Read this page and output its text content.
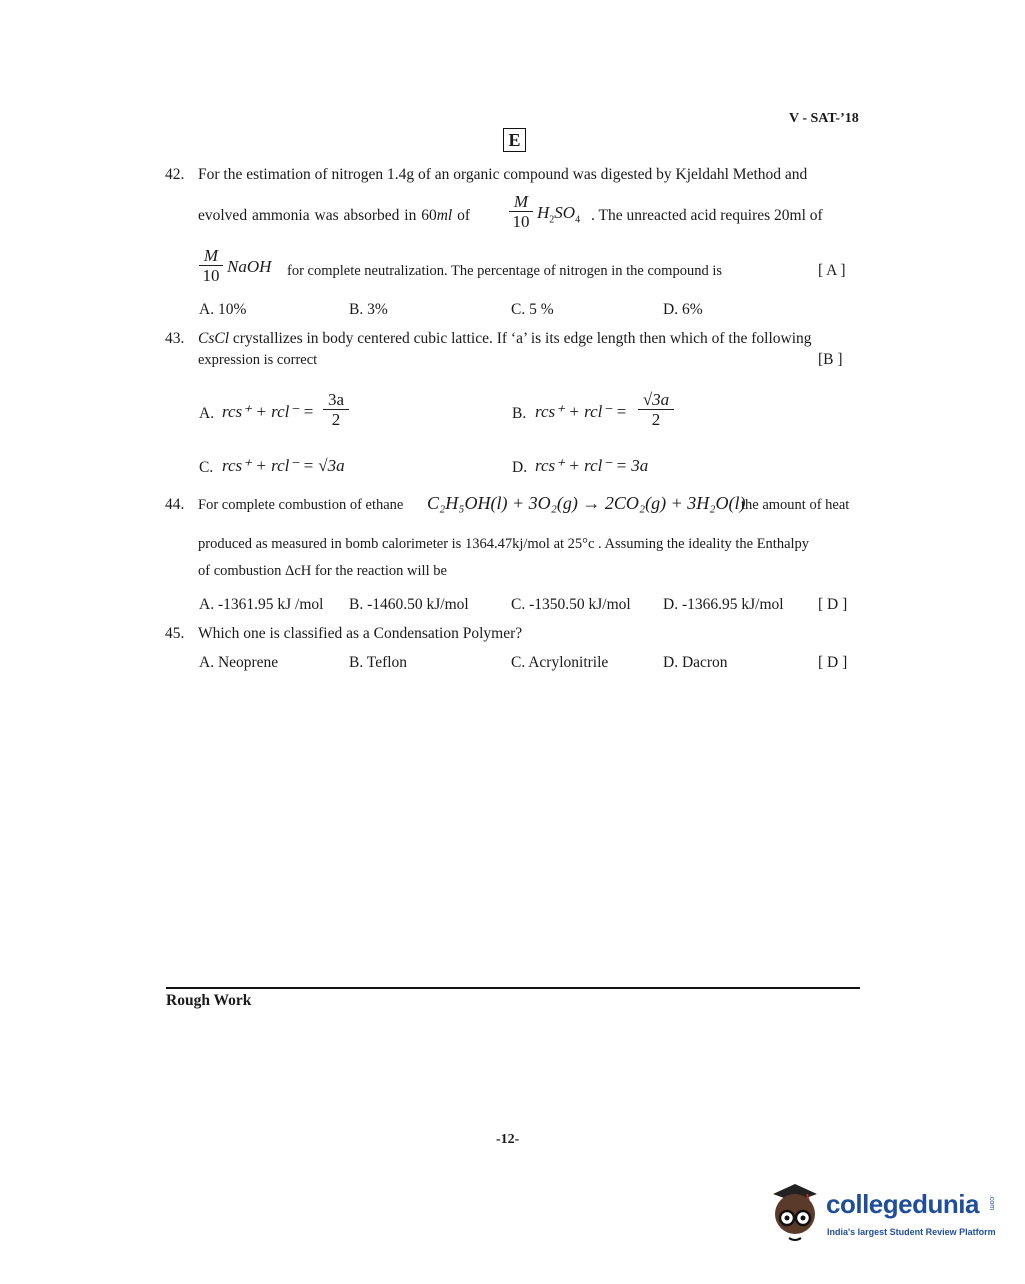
V - SAT-’18
E
42. For the estimation of nitrogen 1.4g of an organic compound was digested by Kjeldahl Method and
evolved ammonia was absorbed in 60ml of
M
10 $H_2SO_4$ . The unreacted acid requires 20ml of
M
10 NaOH for complete neutralization. The percentage of nitrogen in the compound is	[ A ]
A. 10%	B. 3%	C. 5 %	D. 6%
43. CsCl crystallizes in body centered cubic lattice. If ‘a’ is its edge length then which of the following
expression is correct	[B ]
A. rcs⁺ + rcl⁻ =
3a
2	B. rcs⁺ + rcl⁻ =
√3a
2
C. rcs⁺ + rcl⁻ = √3a	D. rcs⁺ + rcl⁻ = 3a
44. For complete combustion of ethane C₂H₅OH(l) + 3O₂(g) → 2CO₂(g) + 3H₂O(l)
the amount of heat
produced as measured in bomb calorimeter is 1364.47kj/mol at 25°c . Assuming the ideality the Enthalpy
of combustion ΔcH for the reaction will be
A. -1361.95 kJ /mol B. -1460.50 kJ/mol	C. -1350.50 kJ/mol D. -1366.95 kJ/mol [ D ]
45. Which one is classified as a Condensation Polymer?
A. Neoprene	B. Teflon	C. Acrylonitrile	D. Dacron	[ D ]
Rough Work
-12-
collegedunia .com
India's largest Student Review Platform
